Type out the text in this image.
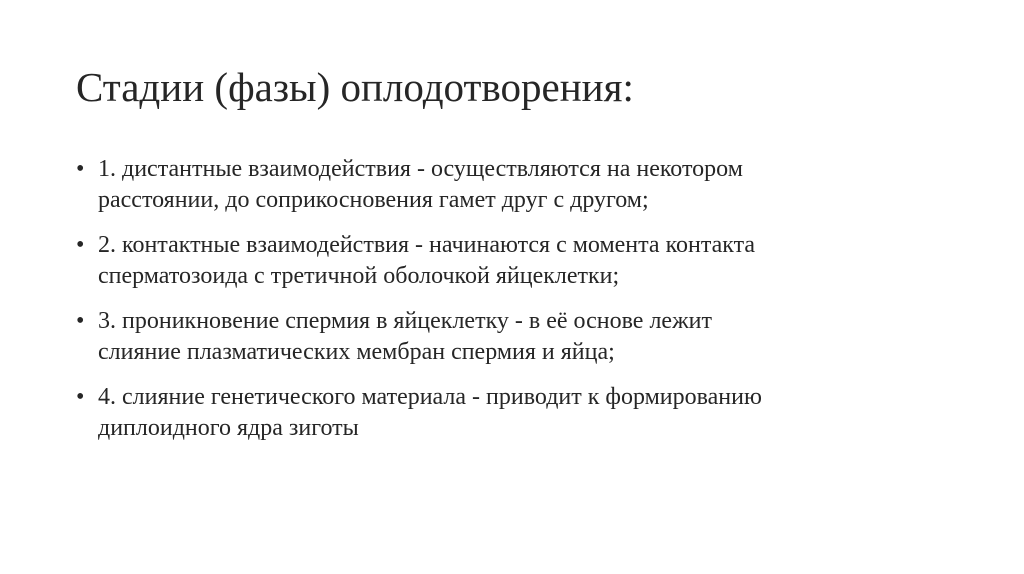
Стадии (фазы) оплодотворения:
• 1. дистантные взаимодействия - осуществляются на некотором
расстоянии, до соприкосновения гамет друг с другом;
• 2. контактные взаимодействия - начинаются с момента контакта
сперматозоида с третичной оболочкой яйцеклетки;
• 3. проникновение спермия в яйцеклетку - в её основе лежит
слияние плазматических мембран спермия и яйца;
• 4. слияние генетического материала - приводит к формированию
диплоидного ядра зиготы
